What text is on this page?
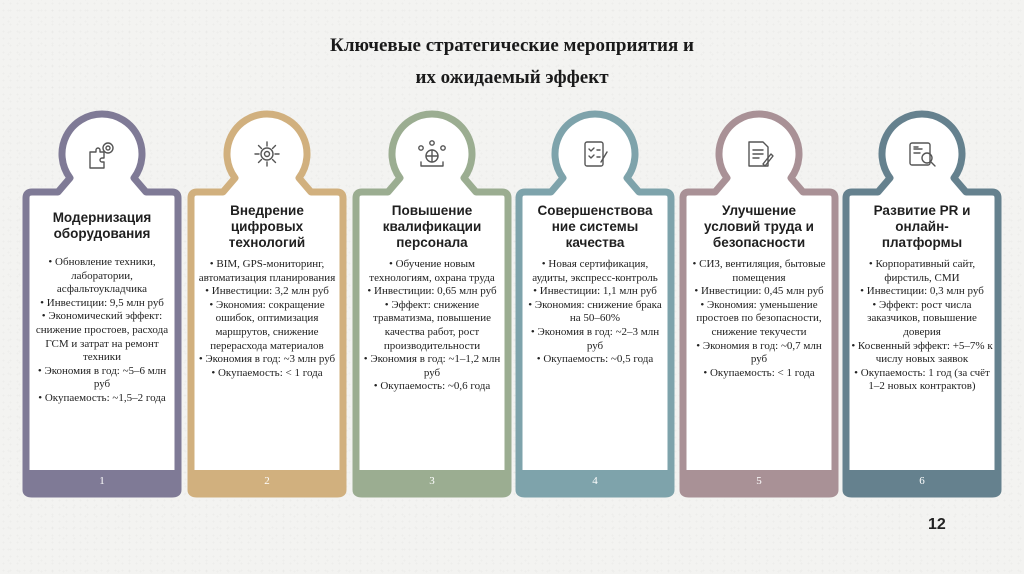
Ключевые стратегические мероприятия и
их ожидаемый эффект
Модернизация
оборудования
• Обновление техники, лаборатории, асфальтоукладчика
• Инвестиции: 9,5 млн руб
• Экономический эффект: снижение простоев, расхода ГСМ и затрат на ремонт техники
• Экономия в год: ~5–6 млн руб
• Окупаемость: ~1,5–2 года
1
Внедрение
цифровых
технологий
• BIM, GPS-мониторинг, автоматизация планирования
• Инвестиции: 3,2 млн руб
• Экономия: сокращение ошибок, оптимизация маршрутов, снижение перерасхода материалов
• Экономия в год: ~3 млн руб
• Окупаемость: < 1 года
2
Повышение
квалификации
персонала
• Обучение новым технологиям, охрана труда
• Инвестиции: 0,65 млн руб
• Эффект: снижение травматизма, повышение качества работ, рост производительности
• Экономия в год: ~1–1,2 млн руб
• Окупаемость: ~0,6 года
3
Совершенствова
ние системы
качества
• Новая сертификация, аудиты, экспресс-контроль
• Инвестиции: 1,1 млн руб
• Экономия: снижение брака на 50–60%
• Экономия в год: ~2–3 млн руб
• Окупаемость: ~0,5 года
4
Улучшение
условий труда и
безопасности
• СИЗ, вентиляция, бытовые помещения
• Инвестиции: 0,45 млн руб
• Экономия: уменьшение простоев по безопасности, снижение текучести
• Экономия в год: ~0,7 млн руб
• Окупаемость: < 1 года
5
Развитие PR и
онлайн-
платформы
• Корпоративный сайт, фирстиль, СМИ
• Инвестиции: 0,3 млн руб
• Эффект: рост числа заказчиков, повышение доверия
• Косвенный эффект: +5–7% к числу новых заявок
• Окупаемость: 1 год (за счёт 1–2 новых контрактов)
6
12
